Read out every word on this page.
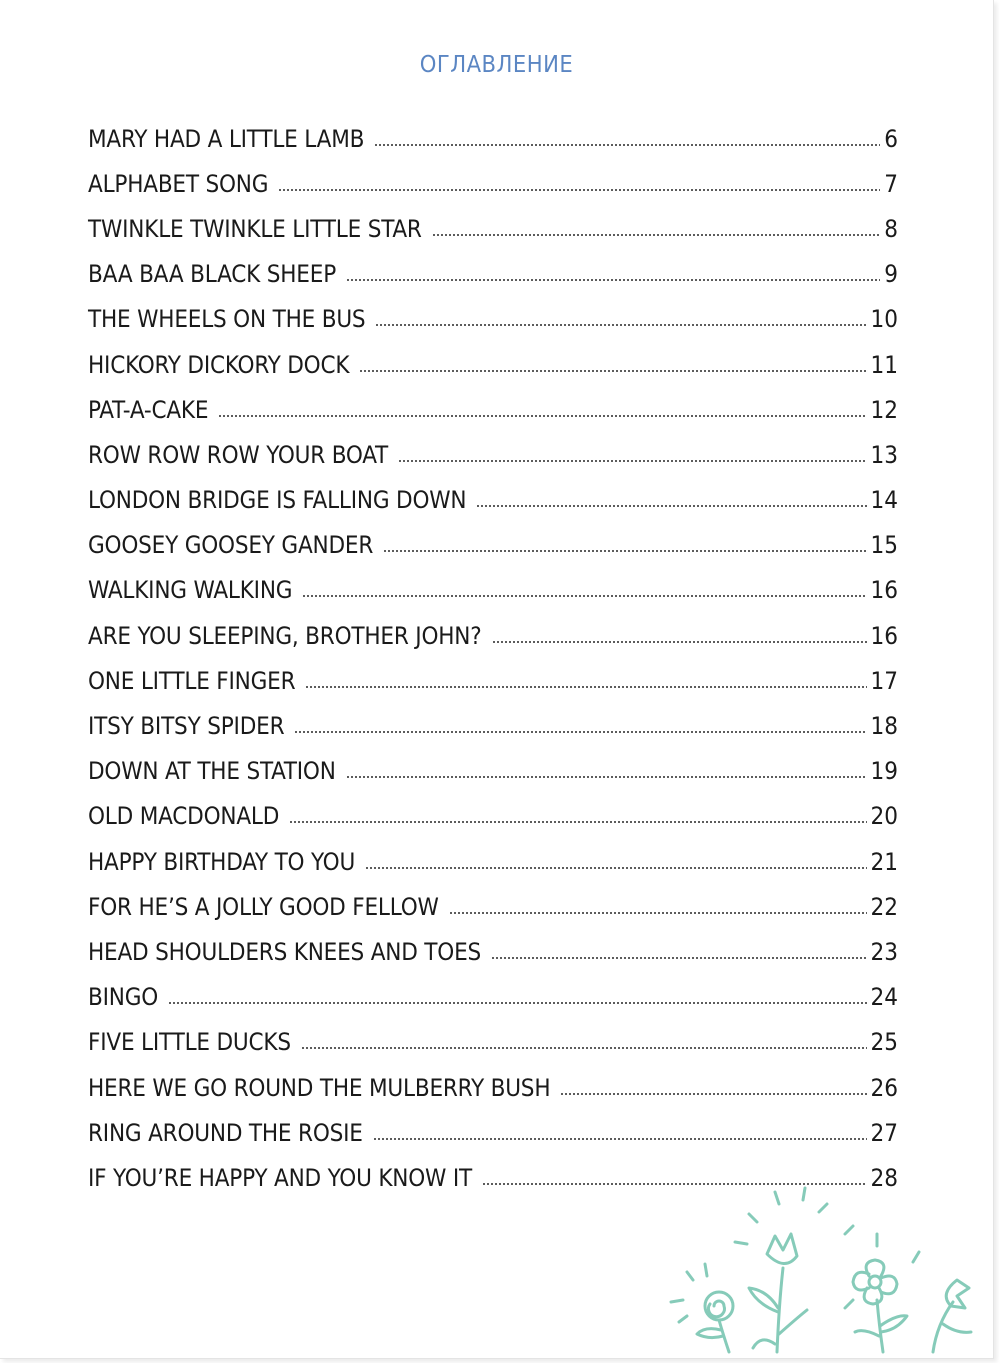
ОГЛАВЛЕНИЕ
MARY HAD A LITTLE LAMB	6
ALPHABET SONG	7
TWINKLE TWINKLE LITTLE STAR	8
BAA BAA BLACK SHEEP	9
THE WHEELS ON THE BUS	10
HICKORY DICKORY DOCK	11
PAT-A-CAKE	12
ROW ROW ROW YOUR BOAT	13
LONDON BRIDGE IS FALLING DOWN	14
GOOSEY GOOSEY GANDER	15
WALKING WALKING	16
ARE YOU SLEEPING, BROTHER JOHN?	16
ONE LITTLE FINGER	17
ITSY BITSY SPIDER	18
DOWN AT THE STATION	19
OLD MACDONALD	20
HAPPY BIRTHDAY TO YOU	21
FOR HE’S A JOLLY GOOD FELLOW	22
HEAD SHOULDERS KNEES AND TOES	23
BINGO	24
FIVE LITTLE DUCKS	25
HERE WE GO ROUND THE MULBERRY BUSH	26
RING AROUND THE ROSIE	27
IF YOU’RE HAPPY AND YOU KNOW IT	28
